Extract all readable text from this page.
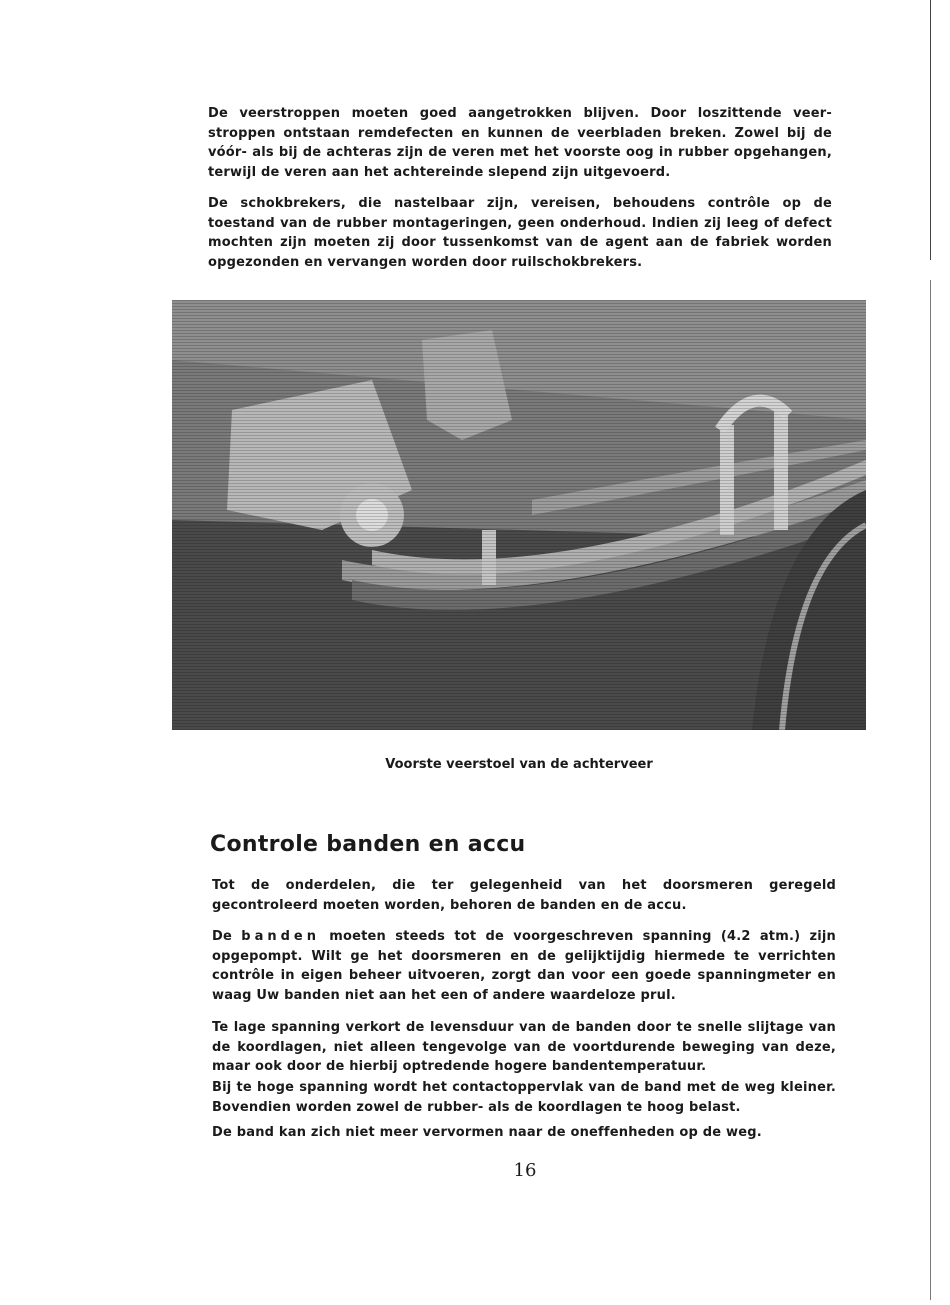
De veerstroppen moeten goed aangetrokken blijven. Door loszittende veer-stroppen ontstaan remdefecten en kunnen de veerbladen breken. Zowel bij de vóór- als bij de achteras zijn de veren met het voorste oog in rubber opgehangen, terwijl de veren aan het achtereinde slepend zijn uitgevoerd.

De schokbrekers, die nastelbaar zijn, vereisen, behoudens contrôle op de toestand van de rubber montageringen, geen onderhoud. Indien zij leeg of defect mochten zijn moeten zij door tussenkomst van de agent aan de fabriek worden opgezonden en vervangen worden door ruilschokbrekers.

Voorste veerstoel van de achterveer
Controle banden en accu

Tot de onderdelen, die ter gelegenheid van het doorsmeren geregeld gecontroleerd moeten worden, behoren de banden en de accu.

De banden moeten steeds tot de voorgeschreven spanning (4.2 atm.) zijn opgepompt. Wilt ge het doorsmeren en de gelijktijdig hiermede te verrichten contrôle in eigen beheer uitvoeren, zorgt dan voor een goede spanningmeter en waag Uw banden niet aan het een of andere waardeloze prul.

Te lage spanning verkort de levensduur van de banden door te snelle slijtage van de koordlagen, niet alleen tengevolge van de voortdurende beweging van deze, maar ook door de hierbij optredende hogere bandentemperatuur.

Bij te hoge spanning wordt het contactoppervlak van de band met de weg kleiner. Bovendien worden zowel de rubber- als de koordlagen te hoog belast.

De band kan zich niet meer vervormen naar de oneffenheden op de weg.

16
